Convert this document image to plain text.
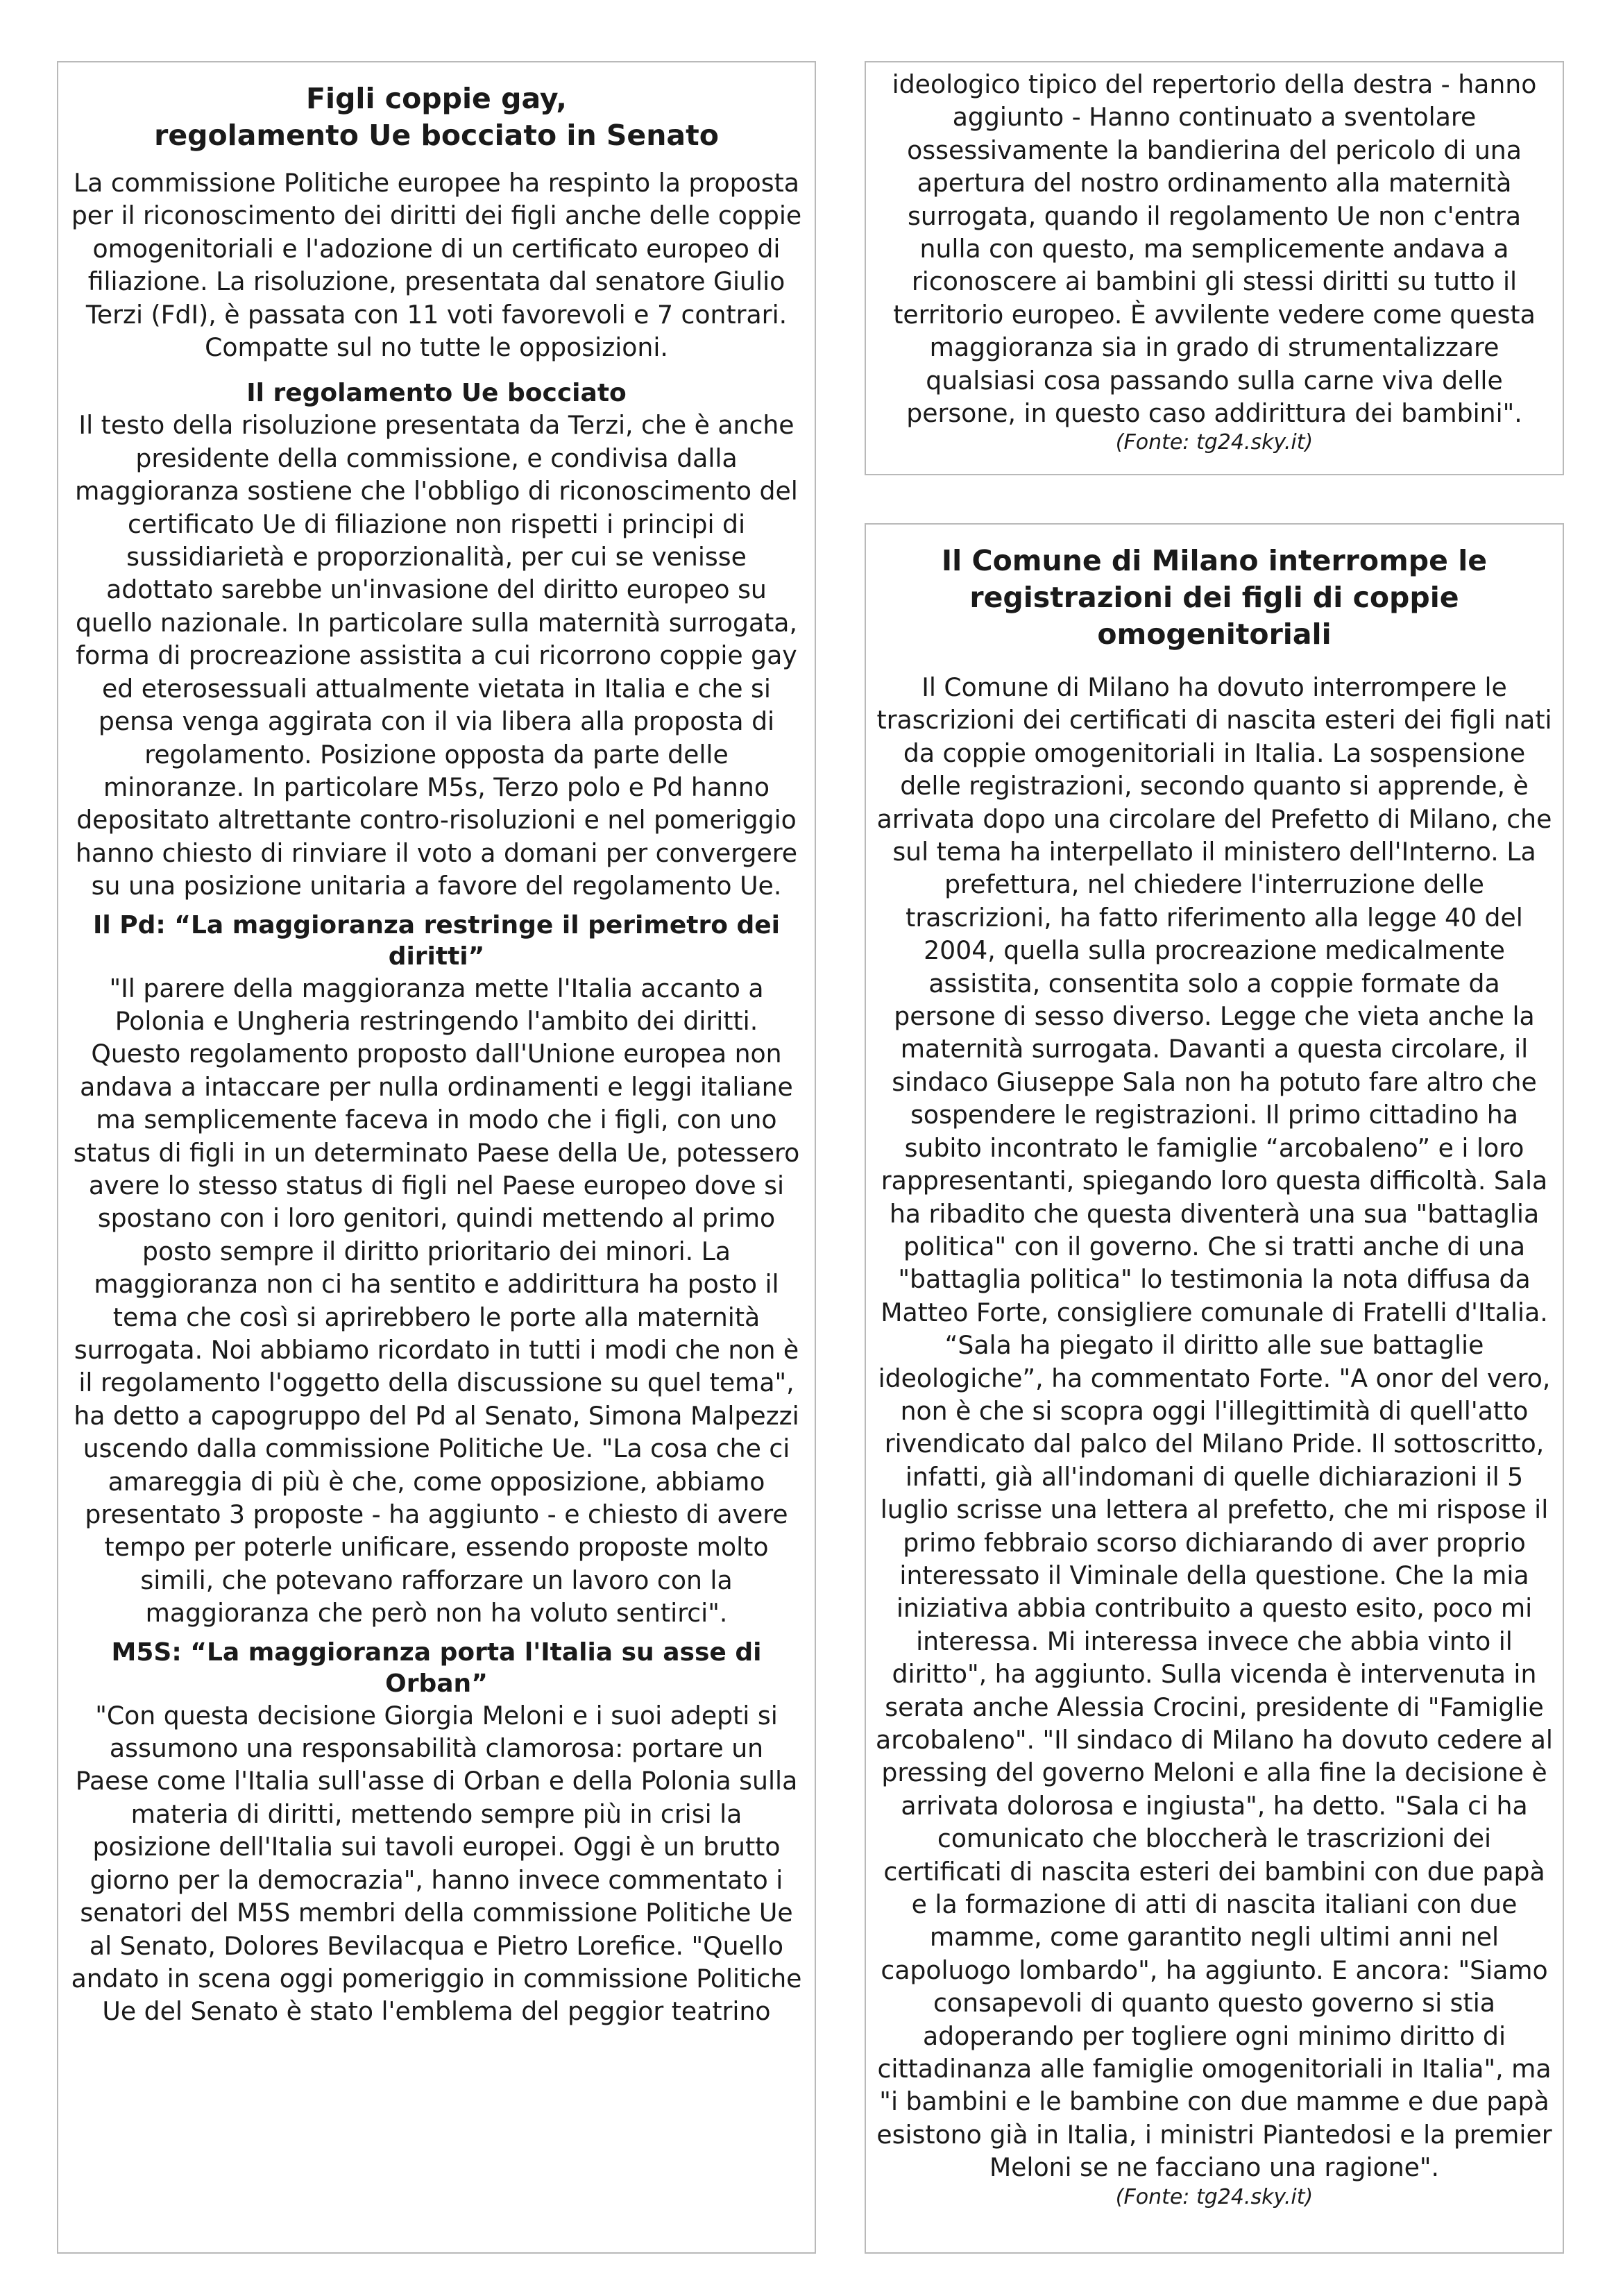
Figli coppie gay,
regolamento Ue bocciato in Senato

La commissione Politiche europee ha respinto la proposta per il riconoscimento dei diritti dei figli anche delle coppie omogenitoriali e l'adozione di un certificato europeo di filiazione. La risoluzione, presentata dal senatore Giulio Terzi (FdI), è passata con 11 voti favorevoli e 7 contrari. Compatte sul no tutte le opposizioni.

Il regolamento Ue bocciato

Il testo della risoluzione presentata da Terzi, che è anche presidente della commissione, e condivisa dalla maggioranza sostiene che l'obbligo di riconoscimento del certificato Ue di filiazione non rispetti i principi di sussidiarietà e proporzionalità, per cui se venisse adottato sarebbe un'invasione del diritto europeo su quello nazionale. In particolare sulla maternità surrogata, forma di procreazione assistita a cui ricorrono coppie gay ed eterosessuali attualmente vietata in Italia e che si pensa venga aggirata con il via libera alla proposta di regolamento. Posizione opposta da parte delle minoranze. In particolare M5s, Terzo polo e Pd hanno depositato altrettante contro-risoluzioni e nel pomeriggio hanno chiesto di rinviare il voto a domani per convergere su una posizione unitaria a favore del regolamento Ue.

Il Pd: “La maggioranza restringe il perimetro dei diritti”

"Il parere della maggioranza mette l'Italia accanto a Polonia e Ungheria restringendo l'ambito dei diritti. Questo regolamento proposto dall'Unione europea non andava a intaccare per nulla ordinamenti e leggi italiane ma semplicemente faceva in modo che i figli, con uno status di figli in un determinato Paese della Ue, potessero avere lo stesso status di figli nel Paese europeo dove si spostano con i loro genitori, quindi mettendo al primo posto sempre il diritto prioritario dei minori. La maggioranza non ci ha sentito e addirittura ha posto il tema che così si aprirebbero le porte alla maternità surrogata. Noi abbiamo ricordato in tutti i modi che non è il regolamento l'oggetto della discussione su quel tema", ha detto a capogruppo del Pd al Senato, Simona Malpezzi uscendo dalla commissione Politiche Ue. "La cosa che ci amareggia di più è che, come opposizione, abbiamo presentato 3 proposte - ha aggiunto - e chiesto di avere tempo per poterle unificare, essendo proposte molto simili, che potevano rafforzare un lavoro con la maggioranza che però non ha voluto sentirci".

M5S: “La maggioranza porta l'Italia su asse di Orban”

"Con questa decisione Giorgia Meloni e i suoi adepti si assumono una responsabilità clamorosa: portare un Paese come l'Italia sull'asse di Orban e della Polonia sulla materia di diritti, mettendo sempre più in crisi la posizione dell'Italia sui tavoli europei. Oggi è un brutto giorno per la democrazia", hanno invece commentato i senatori del M5S membri della commissione Politiche Ue al Senato, Dolores Bevilacqua e Pietro Lorefice. "Quello andato in scena oggi pomeriggio in commissione Politiche Ue del Senato è stato l'emblema del peggior teatrino

ideologico tipico del repertorio della destra - hanno aggiunto - Hanno continuato a sventolare ossessivamente la bandierina del pericolo di una apertura del nostro ordinamento alla maternità surrogata, quando il regolamento Ue non c'entra nulla con questo, ma semplicemente andava a riconoscere ai bambini gli stessi diritti su tutto il territorio europeo. È avvilente vedere come questa maggioranza sia in grado di strumentalizzare qualsiasi cosa passando sulla carne viva delle persone, in questo caso addirittura dei bambini".

(Fonte: tg24.sky.it)

Il Comune di Milano interrompe le registrazioni dei figli di coppie omogenitoriali

Il Comune di Milano ha dovuto interrompere le trascrizioni dei certificati di nascita esteri dei figli nati da coppie omogenitoriali in Italia. La sospensione delle registrazioni, secondo quanto si apprende, è arrivata dopo una circolare del Prefetto di Milano, che sul tema ha interpellato il ministero dell'Interno. La prefettura, nel chiedere l'interruzione delle trascrizioni, ha fatto riferimento alla legge 40 del 2004, quella sulla procreazione medicalmente assistita, consentita solo a coppie formate da persone di sesso diverso. Legge che vieta anche la maternità surrogata. Davanti a questa circolare, il sindaco Giuseppe Sala non ha potuto fare altro che sospendere le registrazioni. Il primo cittadino ha subito incontrato le famiglie “arcobaleno” e i loro rappresentanti, spiegando loro questa difficoltà. Sala ha ribadito che questa diventerà una sua "battaglia politica" con il governo. Che si tratti anche di una "battaglia politica" lo testimonia la nota diffusa da Matteo Forte, consigliere comunale di Fratelli d'Italia. “Sala ha piegato il diritto alle sue battaglie ideologiche”, ha commentato Forte. "A onor del vero, non è che si scopra oggi l'illegittimità di quell'atto rivendicato dal palco del Milano Pride. Il sottoscritto, infatti, già all'indomani di quelle dichiarazioni il 5 luglio scrisse una lettera al prefetto, che mi rispose il primo febbraio scorso dichiarando di aver proprio interessato il Viminale della questione. Che la mia iniziativa abbia contribuito a questo esito, poco mi interessa. Mi interessa invece che abbia vinto il diritto", ha aggiunto. Sulla vicenda è intervenuta in serata anche Alessia Crocini, presidente di "Famiglie arcobaleno". "Il sindaco di Milano ha dovuto cedere al pressing del governo Meloni e alla fine la decisione è arrivata dolorosa e ingiusta", ha detto. "Sala ci ha comunicato che bloccherà le trascrizioni dei certificati di nascita esteri dei bambini con due papà e la formazione di atti di nascita italiani con due mamme, come garantito negli ultimi anni nel capoluogo lombardo", ha aggiunto. E ancora: "Siamo consapevoli di quanto questo governo si stia adoperando per togliere ogni minimo diritto di cittadinanza alle famiglie omogenitoriali in Italia", ma "i bambini e le bambine con due mamme e due papà esistono già in Italia, i ministri Piantedosi e la premier Meloni se ne facciano una ragione".

(Fonte: tg24.sky.it)
